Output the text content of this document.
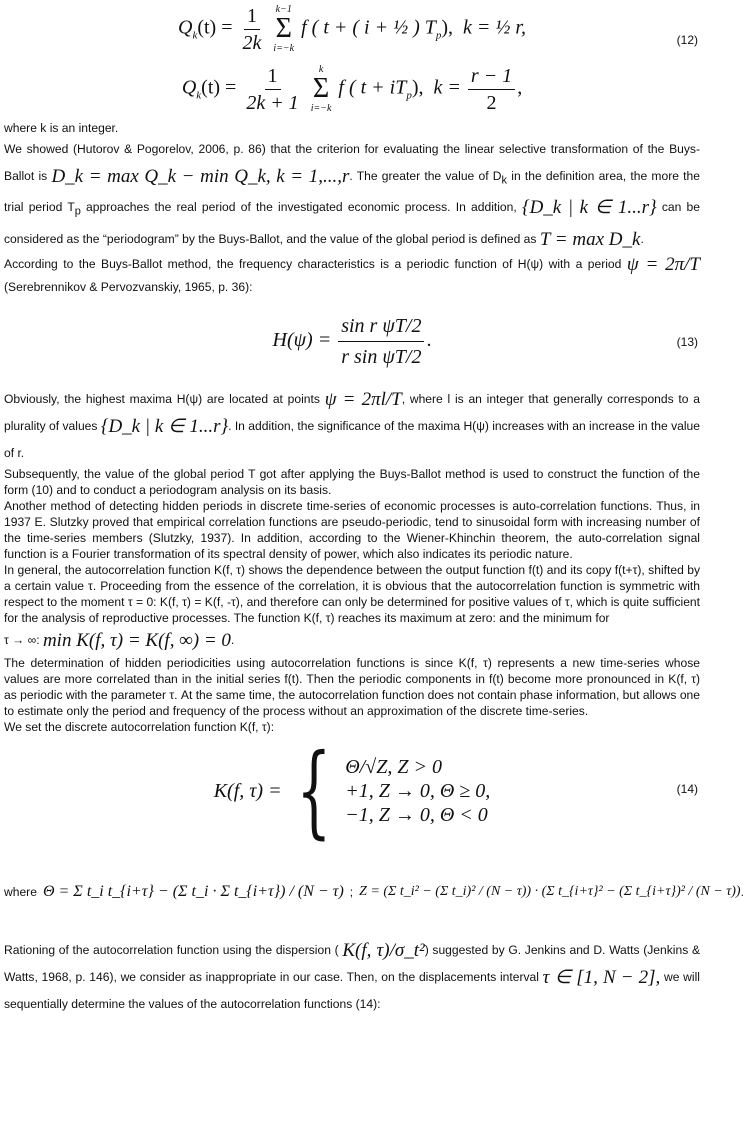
$Q_k(t) = \frac{1}{2k}$
k−1
Σ
i=−k
f ( t + ( i + ½ ) $T_p$), k = ½ r,
$Q_k(t) = \frac{1}{2k + 1}$
k
Σ
i=−k
f ( $t + iT_p$), $k = \frac{r - 1}{2}$ ,
(12)

where k is an integer.

We showed (Hutorov & Pogorelov, 2006, p. 86) that the criterion for evaluating the linear selective transformation of the Buys-Ballot is D_k = max Q_k − min Q_k, k = 1,...,r. The greater the value of $D_k$ in the definition area, the more the trial period $T_p$ approaches the real period of the investigated economic process. In addition, {D_k | k ∈ 1...r} can be considered as the “periodogram” by the Buys-Ballot, and the value of the global period is defined as T = max D_k.

According to the Buys-Ballot method, the frequency characteristics is a periodic function of H(ψ) with a period ψ = 2π/T (Serebrennikov & Pervozvanskiy, 1965, p. 36):

$H(\psi) = \frac{\text{sin r ψT/2}}{\text{r sin ψT/2}}$ .	(13)

Obviously, the highest maxima H(ψ) are located at points ψ = 2πl/T, where l is an integer that generally corresponds to a plurality of values {D_k | k ∈ 1...r}. In addition, the significance of the maxima H(ψ) increases with an increase in the value of r.

Subsequently, the value of the global period T got after applying the Buys-Ballot method is used to construct the function of the form (10) and to conduct a periodogram analysis on its basis.

Another method of detecting hidden periods in discrete time-series of economic processes is auto-correlation functions. Thus, in 1937 E. Slutzky proved that empirical correlation functions are pseudo-periodic, tend to sinusoidal form with increasing number of the time-series members (Slutzky, 1937). In addition, according to the Wiener-Khinchin theorem, the auto-correlation signal function is a Fourier transformation of its spectral density of power, which also indicates its periodic nature.

In general, the autocorrelation function K(f, τ) shows the dependence between the output function f(t) and its copy f(t+τ), shifted by a certain value τ. Proceeding from the essence of the correlation, it is obvious that the autocorrelation function is symmetric with respect to the moment τ = 0: K(f, τ) = K(f, -τ), and therefore can only be determined for positive values of τ, which is quite sufficient for the analysis of reproductive processes. The function K(f, τ) reaches its maximum at zero: and the minimum for

τ → ∞: min K(f, τ) = K(f, ∞) = 0.

The determination of hidden periodicities using autocorrelation functions is since K(f, τ) represents a new time-series whose values are more correlated than in the initial series f(t). Then the periodic components in f(t) become more pronounced in K(f, τ) as periodic with the parameter τ. At the same time, the autocorrelation function does not contain phase information, but allows one to estimate only the period and frequency of the process without an approximation of the discrete time-series.

We set the discrete autocorrelation function K(f, τ):

K(f, τ) = { Θ/√Z, Z > 0
+1, Z → 0, Θ ≥ 0,
−1, Z → 0, Θ < 0
(14)
where Θ = Σ t_i t_{i+τ} − (Σ t_i · Σ t_{i+τ}) / (N − τ) ; Z = (Σ t_i² − (Σ t_i)² / (N − τ)) · (Σ t_{i+τ}² − (Σ t_{i+τ})² / (N − τ)) .

Rationing of the autocorrelation function using the dispersion ( K(f, τ)/σ_t²) suggested by G. Jenkins and D. Watts (Jenkins & Watts, 1968, p. 146), we consider as inappropriate in our case. Then, on the displacements interval τ ∈ [1, N − 2], we will sequentially determine the values of the autocorrelation functions (14):
